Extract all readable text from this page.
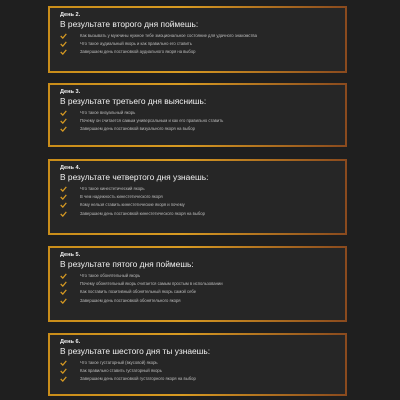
День 2.
В результате второго дня поймешь:
Как вызывать у мужчины нужное тебе эмоциональное состояние для удачного знакомства
Что такое аудиальный якорь и как правильно его ставить
Завершаем день постановкой аудиального якоря на выбор
День 3.
В результате третьего дня выяснишь:
Что такое визуальный якорь
Почему он считается самым универсальным и как его правильно ставить
Завершаем день постановкой визуального якоря на выбор
День 4.
В результате четвертого дня узнаешь:
Что такое кинестетический якорь
В чем надежность кинестетического якоря
Кому нельзя ставить кинестетические якоря и почему
Завершаем день постановкой кинестетического якоря на выбор
День 5.
В результате пятого дня поймешь:
Что такое обонятельный якорь
Почему обонятельный якорь считается самым простым в использовании
Как поставить позитивный обонятельный якорь самой себе
Завершаем день постановкой обонятельного якоря
День 6.
В результате шестого дня ты узнаешь:
Что такое густаторный (вкусовой) якорь
Как правильно ставить густаторный якорь
Завершаем день постановкой густаторного якоря на выбор
